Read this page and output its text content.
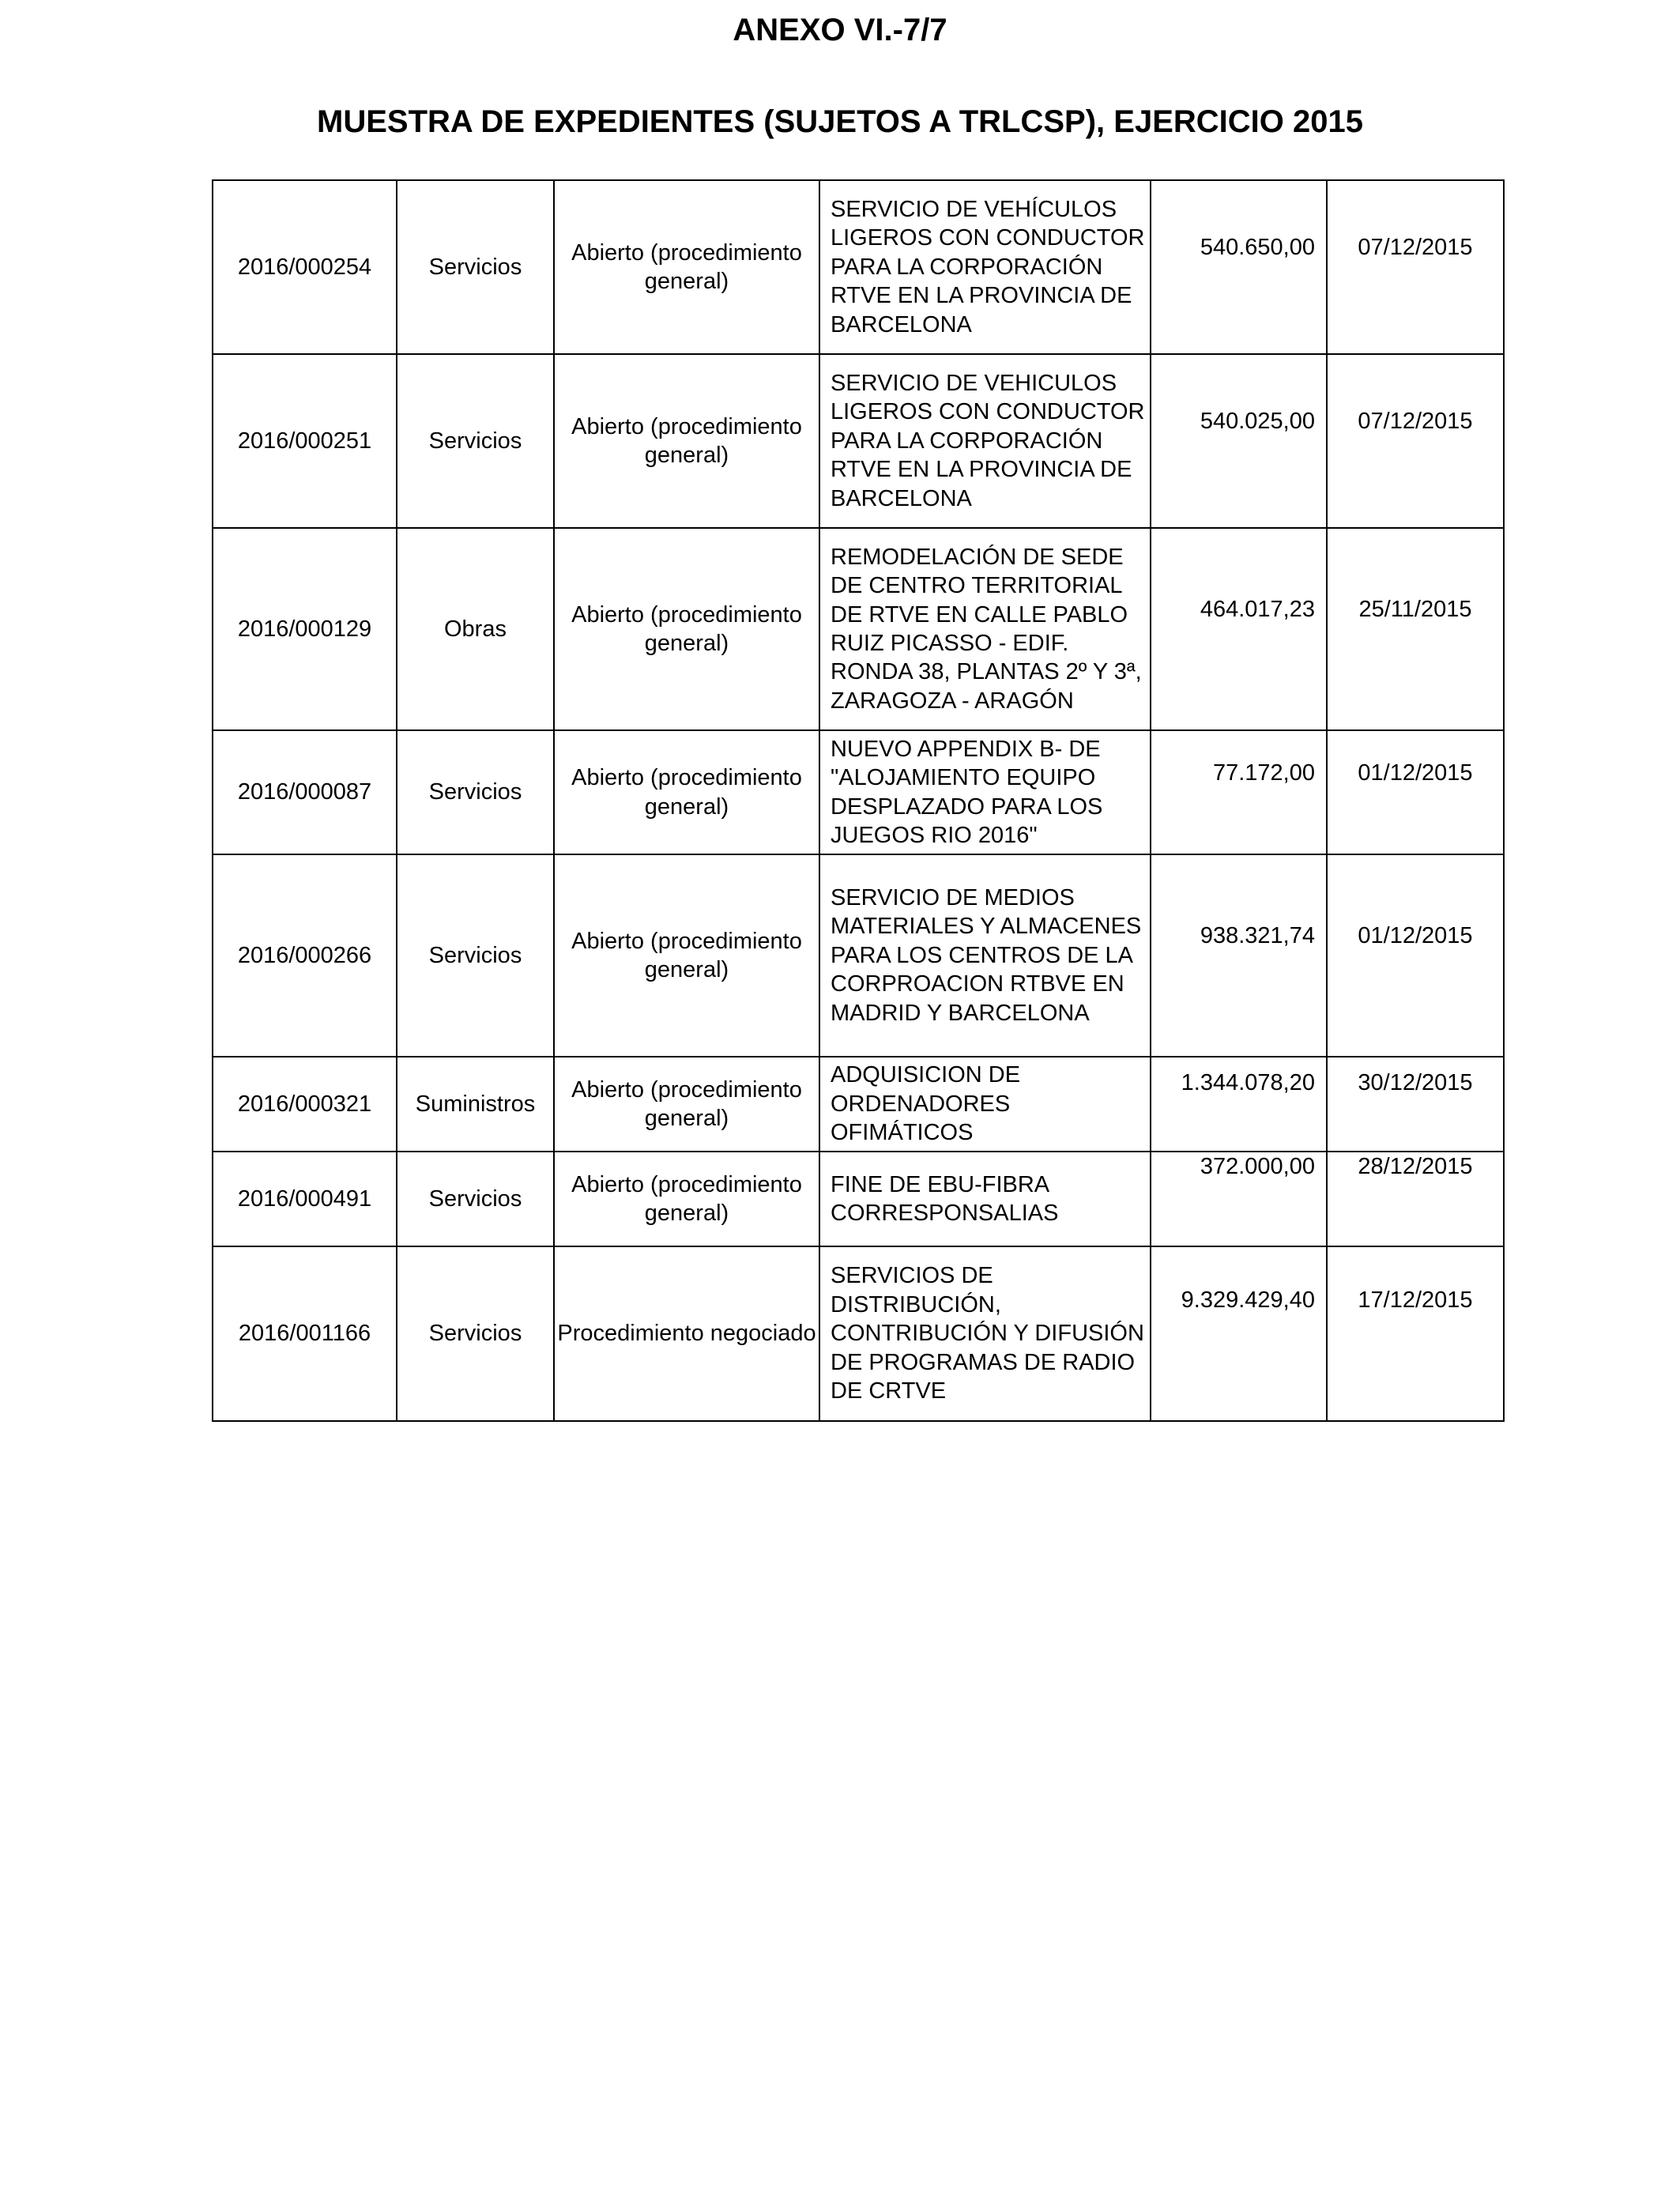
ANEXO VI.-7/7
MUESTRA DE EXPEDIENTES (SUJETOS A TRLCSP), EJERCICIO 2015
2016/000254	Servicios	Abierto (procedimiento general)	SERVICIO DE VEHÍCULOS LIGEROS CON CONDUCTOR PARA LA CORPORACIÓN RTVE EN LA PROVINCIA DE BARCELONA	540.650,00	07/12/2015

2016/000251	Servicios	Abierto (procedimiento general)	SERVICIO DE VEHICULOS LIGEROS CON CONDUCTOR PARA LA CORPORACIÓN RTVE EN LA PROVINCIA DE BARCELONA	540.025,00	07/12/2015

2016/000129	Obras	Abierto (procedimiento general)	REMODELACIÓN DE SEDE DE CENTRO TERRITORIAL DE RTVE EN CALLE PABLO RUIZ PICASSO - EDIF. RONDA 38, PLANTAS 2º Y 3ª, ZARAGOZA - ARAGÓN	464.017,23	25/11/2015

2016/000087	Servicios	Abierto (procedimiento general)	NUEVO APPENDIX B- DE "ALOJAMIENTO EQUIPO DESPLAZADO PARA LOS JUEGOS RIO 2016"	77.172,00	01/12/2015

2016/000266	Servicios	Abierto (procedimiento general)	SERVICIO DE MEDIOS MATERIALES Y ALMACENES PARA LOS CENTROS DE LA CORPROACION RTBVE EN MADRID Y BARCELONA	938.321,74	01/12/2015

2016/000321	Suministros	Abierto (procedimiento general)	ADQUISICION DE ORDENADORES OFIMÁTICOS	1.344.078,20	30/12/2015

2016/000491	Servicios	Abierto (procedimiento general)	FINE DE EBU-FIBRA CORRESPONSALIAS	372.000,00	28/12/2015

2016/001166	Servicios	Procedimiento negociado	SERVICIOS DE DISTRIBUCIÓN, CONTRIBUCIÓN Y DIFUSIÓN DE PROGRAMAS DE RADIO DE CRTVE	9.329.429,40	17/12/2015
